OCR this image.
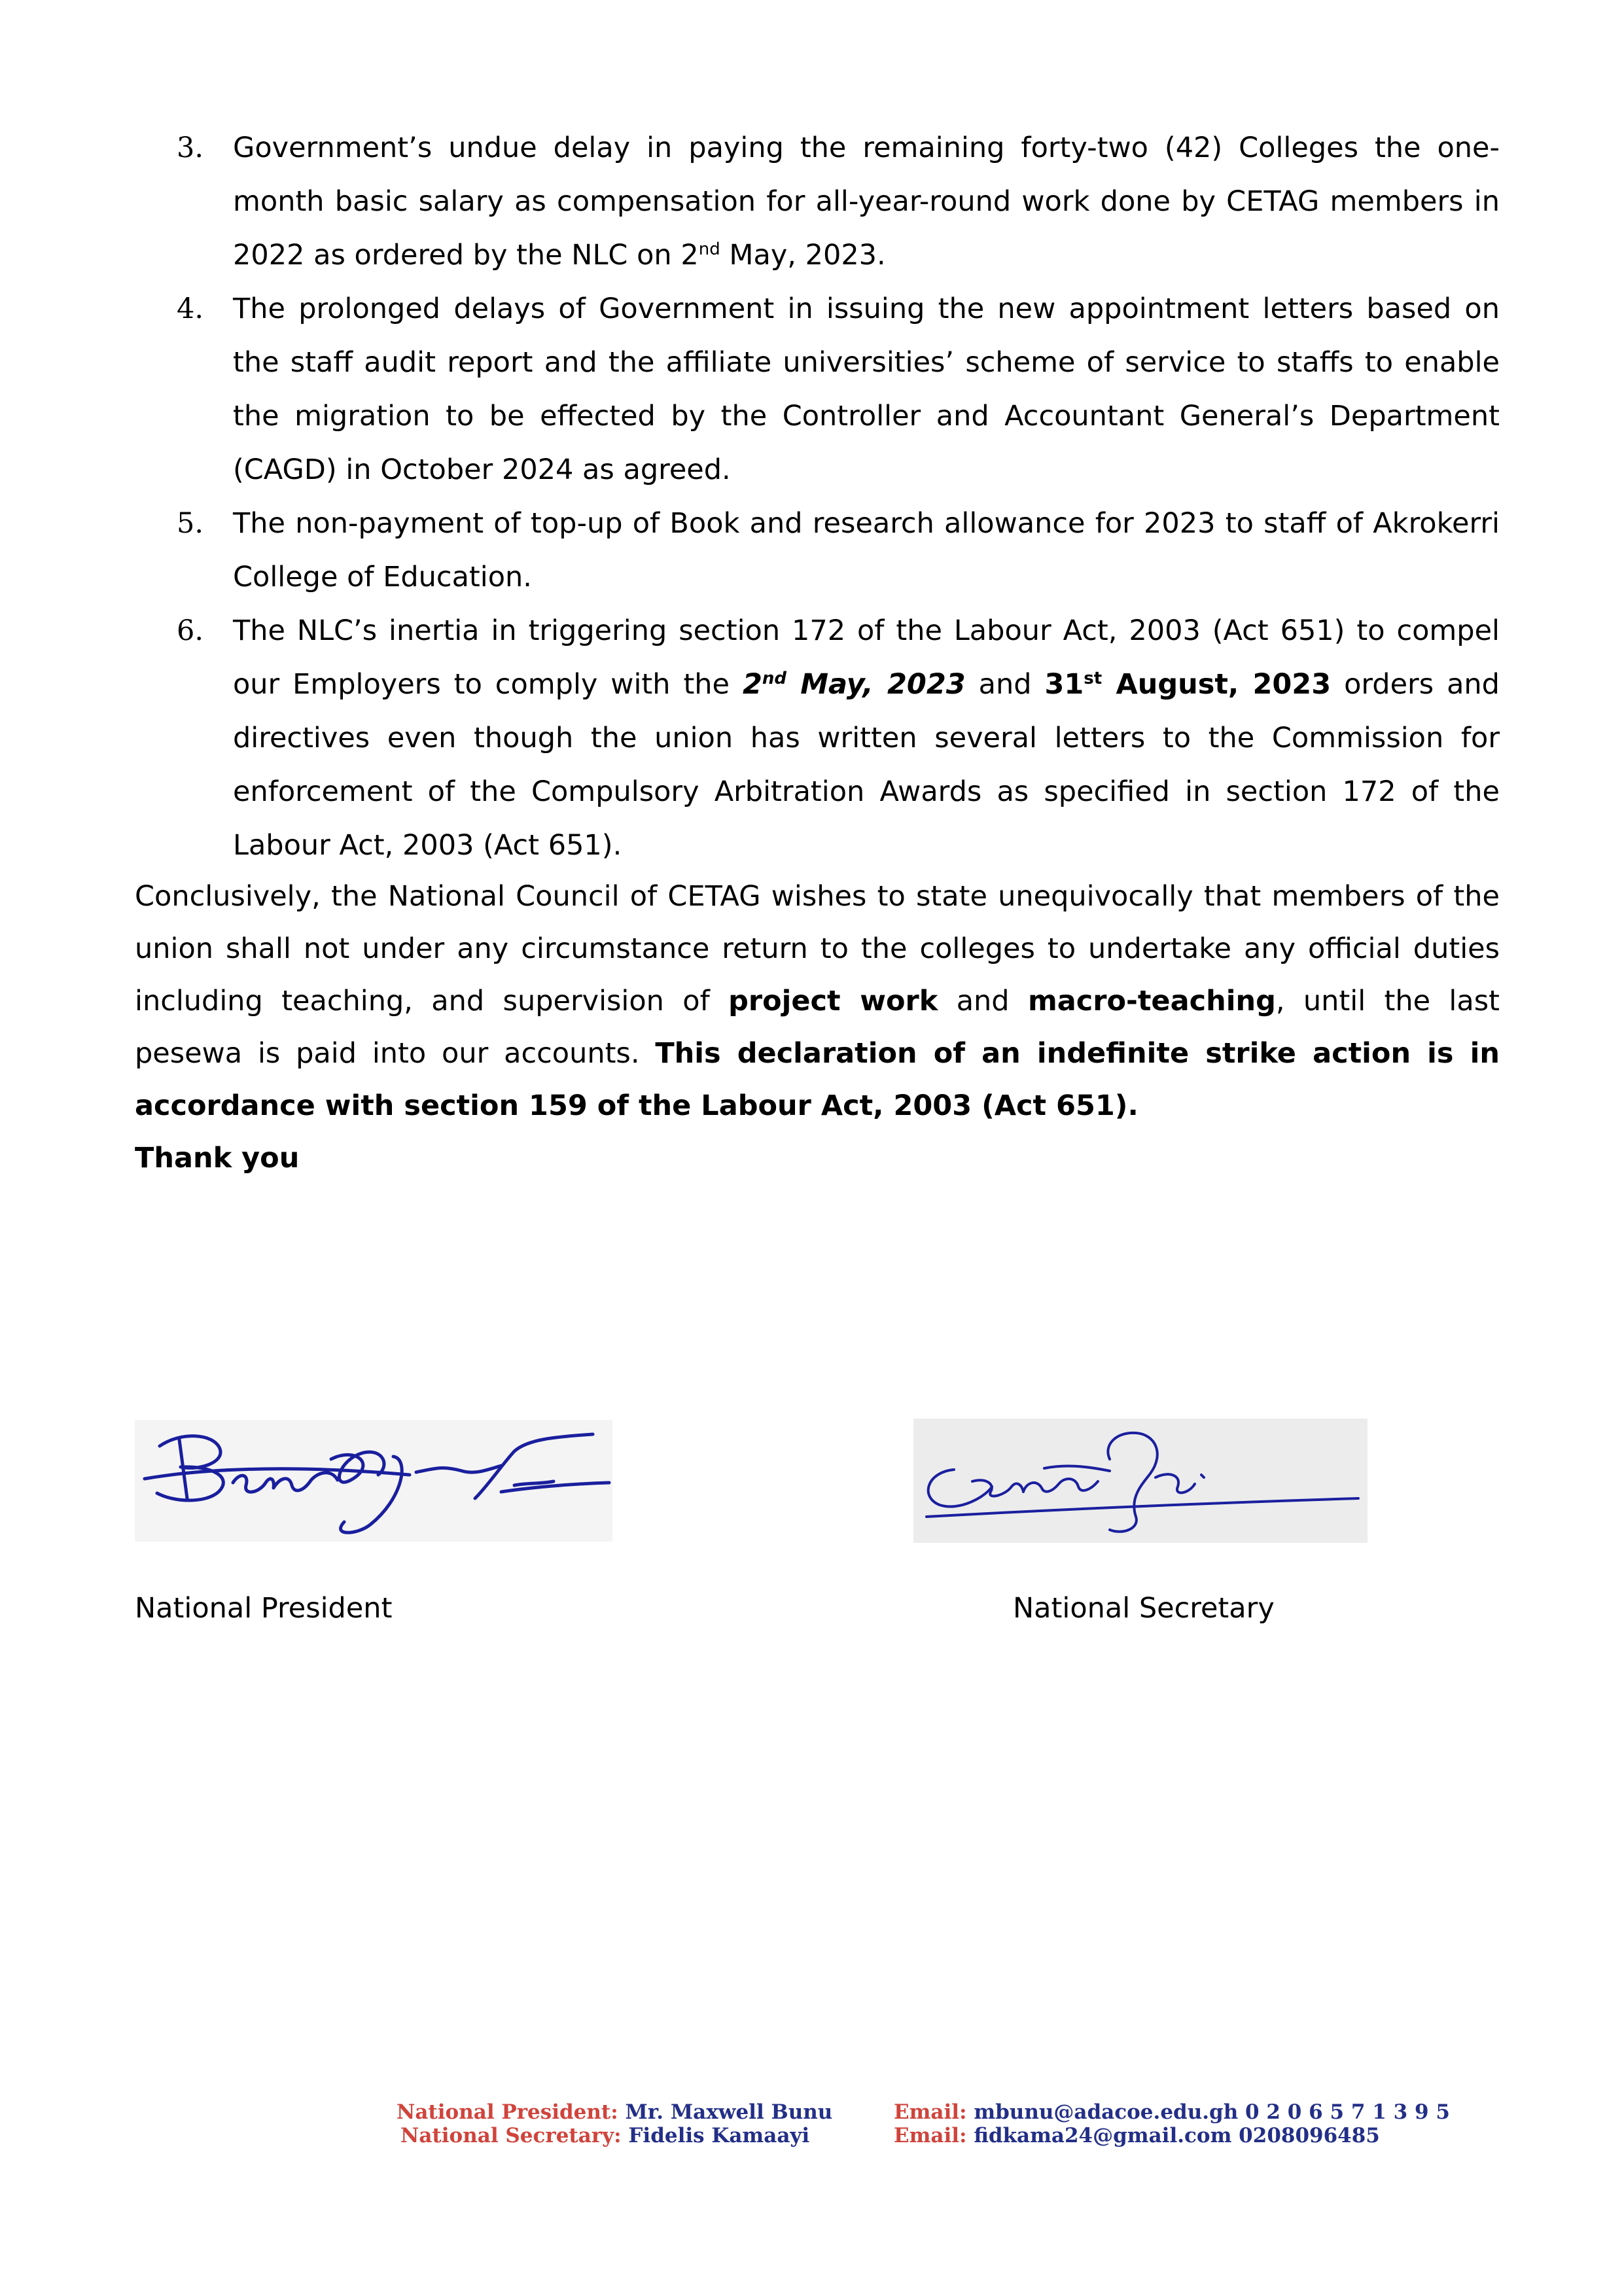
3. Government’s undue delay in paying the remaining forty-two (42) Colleges the one-month basic salary as compensation for all-year-round work done by CETAG members in 2022 as ordered by the NLC on 2nd May, 2023.
4. The prolonged delays of Government in issuing the new appointment letters based on the staff audit report and the affiliate universities’ scheme of service to staffs to enable the migration to be effected by the Controller and Accountant General’s Department (CAGD) in October 2024 as agreed.
5. The non-payment of top-up of Book and research allowance for 2023 to staff of Akrokerri College of Education.
6. The NLC’s inertia in triggering section 172 of the Labour Act, 2003 (Act 651) to compel our Employers to comply with the 2nd May, 2023 and 31st August, 2023 orders and directives even though the union has written several letters to the Commission for enforcement of the Compulsory Arbitration Awards as specified in section 172 of the Labour Act, 2003 (Act 651).

Conclusively, the National Council of CETAG wishes to state unequivocally that members of the union shall not under any circumstance return to the colleges to undertake any official duties including teaching, and supervision of project work and macro-teaching, until the last pesewa is paid into our accounts. This declaration of an indefinite strike action is in accordance with section 159 of the Labour Act, 2003 (Act 651).

Thank you

National President	National Secretary
National President: Mr. Maxwell Bunu
National Secretary: Fidelis Kamaayi
Email: mbunu@adacoe.edu.gh 0 2 0 6 5 7 1 3 9 5
Email: fidkama24@gmail.com 0208096485
